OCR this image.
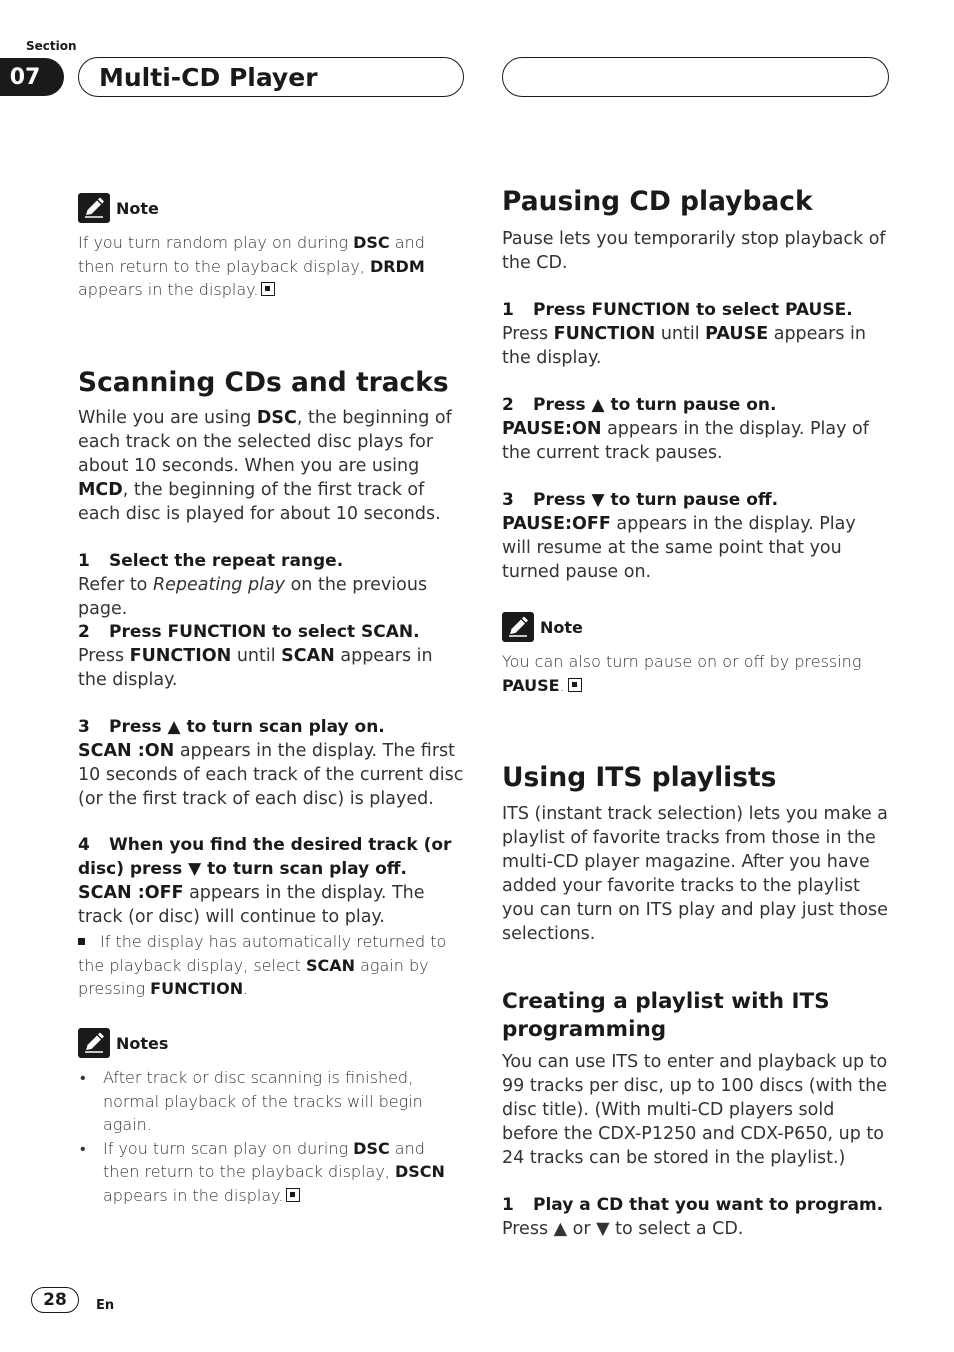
Section
07 Multi-CD Player
Note

If you turn random play on during DSC and then return to the playback display, DRDM appears in the display.

Scanning CDs and tracks

While you are using DSC, the beginning of each track on the selected disc plays for about 10 seconds. When you are using MCD, the beginning of the first track of each disc is played for about 10 seconds.

1 Select the repeat range.

Refer to Repeating play on the previous page.

2 Press FUNCTION to select SCAN.

Press FUNCTION until SCAN appears in the display.

3 Press ▲ to turn scan play on.

SCAN :ON appears in the display. The first 10 seconds of each track of the current disc (or the first track of each disc) is played.

4 When you find the desired track (or disc) press ▼ to turn scan play off.

SCAN :OFF appears in the display. The track (or disc) will continue to play.

If the display has automatically returned to the playback display, select SCAN again by pressing FUNCTION.

Notes
• After track or disc scanning is finished, normal playback of the tracks will begin again.
• If you turn scan play on during DSC and then return to the playback display, DSCN appears in the display.
Pausing CD playback

Pause lets you temporarily stop playback of the CD.

1 Press FUNCTION to select PAUSE.

Press FUNCTION until PAUSE appears in the display.

2 Press ▲ to turn pause on.

PAUSE:ON appears in the display. Play of the current track pauses.

3 Press ▼ to turn pause off.

PAUSE:OFF appears in the display. Play will resume at the same point that you turned pause on.

Note

You can also turn pause on or off by pressing PAUSE.

Using ITS playlists

ITS (instant track selection) lets you make a playlist of favorite tracks from those in the multi-CD player magazine. After you have added your favorite tracks to the playlist you can turn on ITS play and play just those selections.

Creating a playlist with ITS programming

You can use ITS to enter and playback up to 99 tracks per disc, up to 100 discs (with the disc title). (With multi-CD players sold before the CDX-P1250 and CDX-P650, up to 24 tracks can be stored in the playlist.)

1 Play a CD that you want to program.

Press ▲ or ▼ to select a CD.

28 En
